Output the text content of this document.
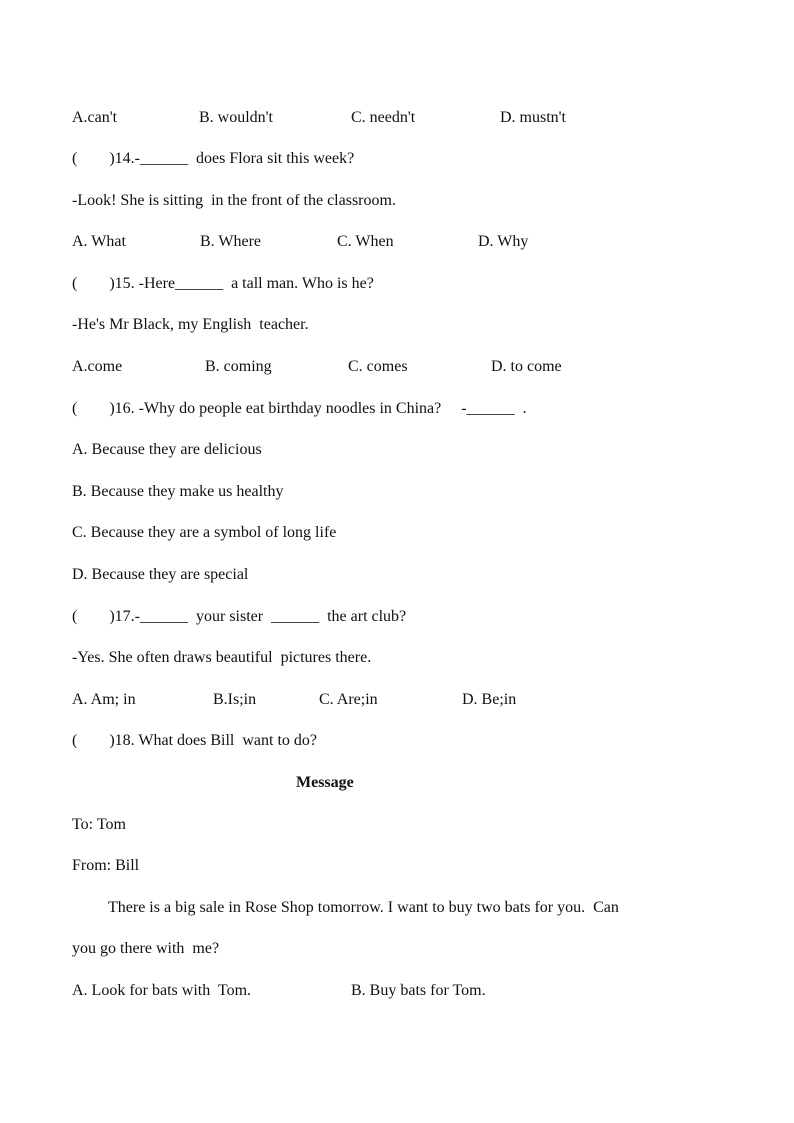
A.can't	B. wouldn't	C. needn't	D. mustn't
(        )14.-______  does Flora sit this week?
-Look! She is sitting  in the front of the classroom.
A. What	B. Where	C. When	D. Why
(        )15. -Here______  a tall man. Who is he?
-He's Mr Black, my English  teacher.
A.come	B. coming	C. comes	D. to come
(        )16. -Why do people eat birthday noodles in China?     -______  .
A. Because they are delicious
B. Because they make us healthy
C. Because they are a symbol of long life
D. Because they are special
(        )17.-______  your sister  ______  the art club?
-Yes. She often draws beautiful  pictures there.
A. Am; in	B.Is;in	C. Are;in	D. Be;in
(        )18. What does Bill  want to do?
Message
To: Tom
From: Bill
There is a big sale in Rose Shop tomorrow. I want to buy two bats for you.  Can
you go there with  me?
A. Look for bats with  Tom.	B. Buy bats for Tom.
